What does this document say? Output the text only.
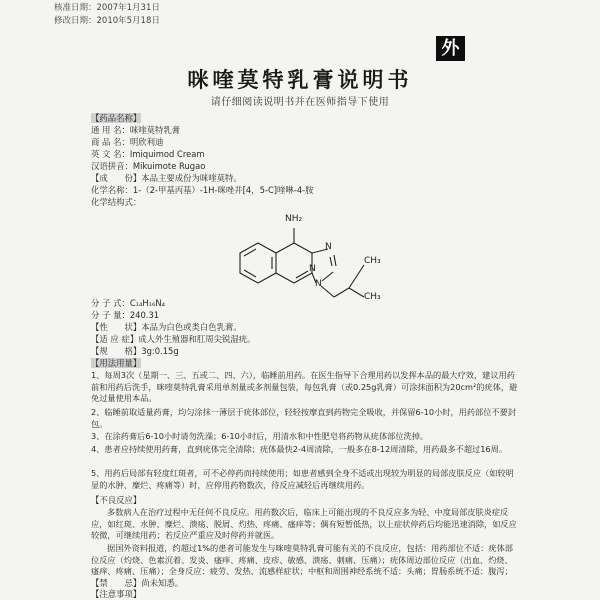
核准日期：2007年1月31日
修改日期：2010年5月18日
外
咪喹莫特乳膏说明书
请仔细阅读说明书并在医师指导下使用
【药品名称】
通 用 名：咪喹莫特乳膏
商 品 名：明欣利迪
英 文 名：Imiquimod Cream
汉语拼音：Mikuimote Rugao
【成　　份】本品主要成份为咪喹莫特。
化学名称：1-（2-甲基丙基）-1H-咪唑并[4，5-C]喹啉-4-胺
化学结构式：
NH₂
N
N
N
CH₃
CH₃
分 子 式：C₁₄H₁₆N₄
分 子 量：240.31
【性　　状】本品为白色或类白色乳膏。
【适 应 症】成人外生殖器和肛周尖锐湿疣。
【规　　格】3g:0.15g
【用法用量】
1、每周3次（星期一、三、五或二、四、六），临睡前用药。在医生指导下合理用药以发挥本品的最大疗效，建议用药前和用药后洗手，咪喹莫特乳膏采用单剂量或多剂量包装，每包乳膏（或0.25g乳膏）可涂抹面积为20cm²的疣体，避免过量使用本品。
2、临睡前取适量药膏，均匀涂抹一薄层于疣体部位，轻轻按摩直到药物完全吸收，并保留6-10小时，用药部位不要封包。
3、在涂药膏后6-10小时请勿洗澡；6-10小时后，用清水和中性肥皂将药物从疣体部位洗掉。
4、患者应持续使用药膏，直到疣体完全清除；疣体最快2-4周清除，一般多在8-12周清除，用药最多不超过16周。
5、用药后局部有轻度红斑者，可不必停药而持续使用；如患者感到全身不适或出现较为明显的局部皮肤反应（如较明显的水肿、糜烂、疼痛等）时，应停用药物数次，待反应减轻后再继续用药。
【不良反应】
多数病人在治疗过程中无任何不良反应。用药数次后，临床上可能出现的不良反应多为轻、中度局部皮肤炎症反应，如红斑、水肿、糜烂、溃疡、脱屑、灼热、疼痛、瘙痒等；偶有短暂低热，以上症状停药后均能迅速消除，如反应较微，可继续用药；若反应严重应及时停药并就医。
据国外资料报道，约超过1%的患者可能发生与咪喹莫特乳膏可能有关的不良反应，包括：用药部位不适：疣体部位反应（灼烧、色素沉着、发炎、瘙痒、疼痛、皮疹、敏感、溃疡、刺痛、压痛）；疣体周边部位反应（出血、灼烧、瘙痒、疼痛、压痛）；全身反应：疲劳、发热、流感样症状；中枢和周围神经系统不适：头痛；胃肠系统不适：腹泻；
【禁　　忌】尚未知悉。
【注意事项】
